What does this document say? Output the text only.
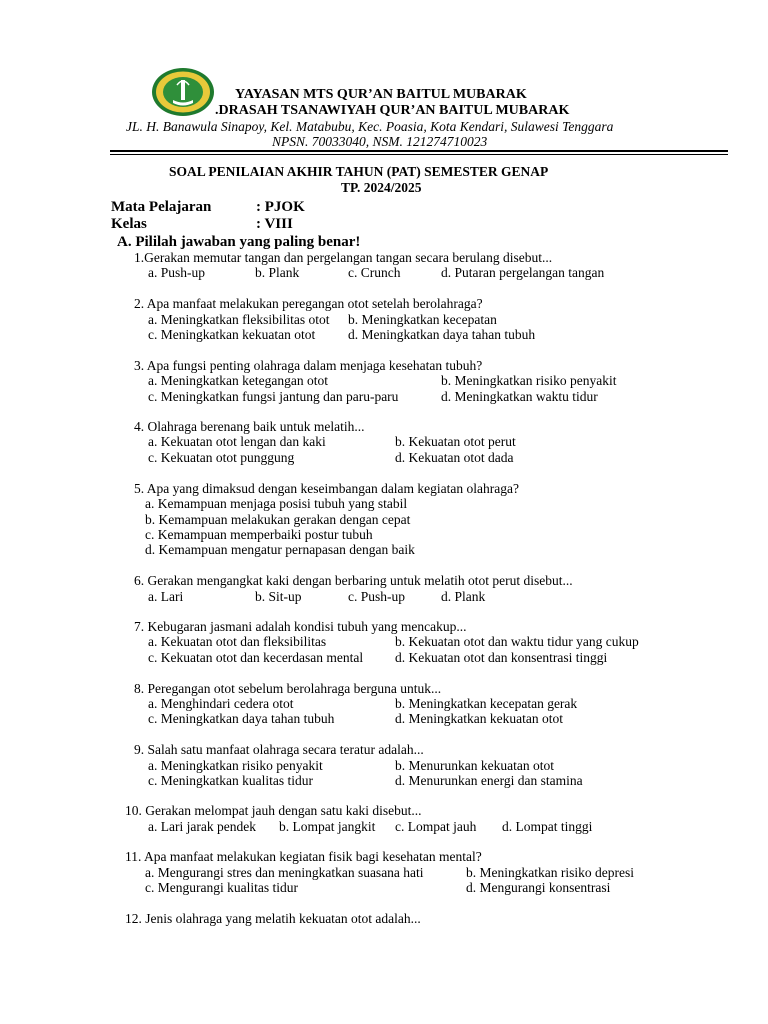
YAYASAN MTS QUR’AN BAITUL MUBARAK
.DRASAH TSANAWIYAH QUR’AN BAITUL MUBARAK
JL. H. Banawula Sinapoy, Kel. Matabubu, Kec. Poasia, Kota Kendari, Sulawesi Tenggara
NPSN. 70033040, NSM. 121274710023
SOAL PENILAIAN AKHIR TAHUN (PAT) SEMESTER GENAP
TP. 2024/2025
Mata Pelajaran	: PJOK
Kelas	: VIII
A. Pililah jawaban yang paling benar!
1.Gerakan memutar tangan dan pergelangan tangan secara berulang disebut...
a. Push-up	b. Plank	c. Crunch	d. Putaran pergelangan tangan
2. Apa manfaat melakukan peregangan otot setelah berolahraga?
a. Meningkatkan fleksibilitas otot b. Meningkatkan kecepatan
c. Meningkatkan kekuatan otot d. Meningkatkan daya tahan tubuh
3. Apa fungsi penting olahraga dalam menjaga kesehatan tubuh?
a. Meningkatkan ketegangan otot	b. Meningkatkan risiko penyakit
c. Meningkatkan fungsi jantung dan paru-paru	d. Meningkatkan waktu tidur
4. Olahraga berenang baik untuk melatih...
a. Kekuatan otot lengan dan kaki	b. Kekuatan otot perut
c. Kekuatan otot punggung	d. Kekuatan otot dada
5. Apa yang dimaksud dengan keseimbangan dalam kegiatan olahraga?
a. Kemampuan menjaga posisi tubuh yang stabil
b. Kemampuan melakukan gerakan dengan cepat
c. Kemampuan memperbaiki postur tubuh
d. Kemampuan mengatur pernapasan dengan baik
6. Gerakan mengangkat kaki dengan berbaring untuk melatih otot perut disebut...
a. Lari	b. Sit-up	c. Push-up	d. Plank
7. Kebugaran jasmani adalah kondisi tubuh yang mencakup...
a. Kekuatan otot dan fleksibilitas	b. Kekuatan otot dan waktu tidur yang cukup
c. Kekuatan otot dan kecerdasan mental d. Kekuatan otot dan konsentrasi tinggi
8. Peregangan otot sebelum berolahraga berguna untuk...
a. Menghindari cedera otot	b. Meningkatkan kecepatan gerak
c. Meningkatkan daya tahan tubuh	d. Meningkatkan kekuatan otot
9. Salah satu manfaat olahraga secara teratur adalah...
a. Meningkatkan risiko penyakit	b. Menurunkan kekuatan otot
c. Meningkatkan kualitas tidur	d. Menurunkan energi dan stamina
10. Gerakan melompat jauh dengan satu kaki disebut...
a. Lari jarak pendek b. Lompat jangkit c. Lompat jauh d. Lompat tinggi
11. Apa manfaat melakukan kegiatan fisik bagi kesehatan mental?
a. Mengurangi stres dan meningkatkan suasana hati	b. Meningkatkan risiko depresi
c. Mengurangi kualitas tidur	d. Mengurangi konsentrasi
12. Jenis olahraga yang melatih kekuatan otot adalah...
